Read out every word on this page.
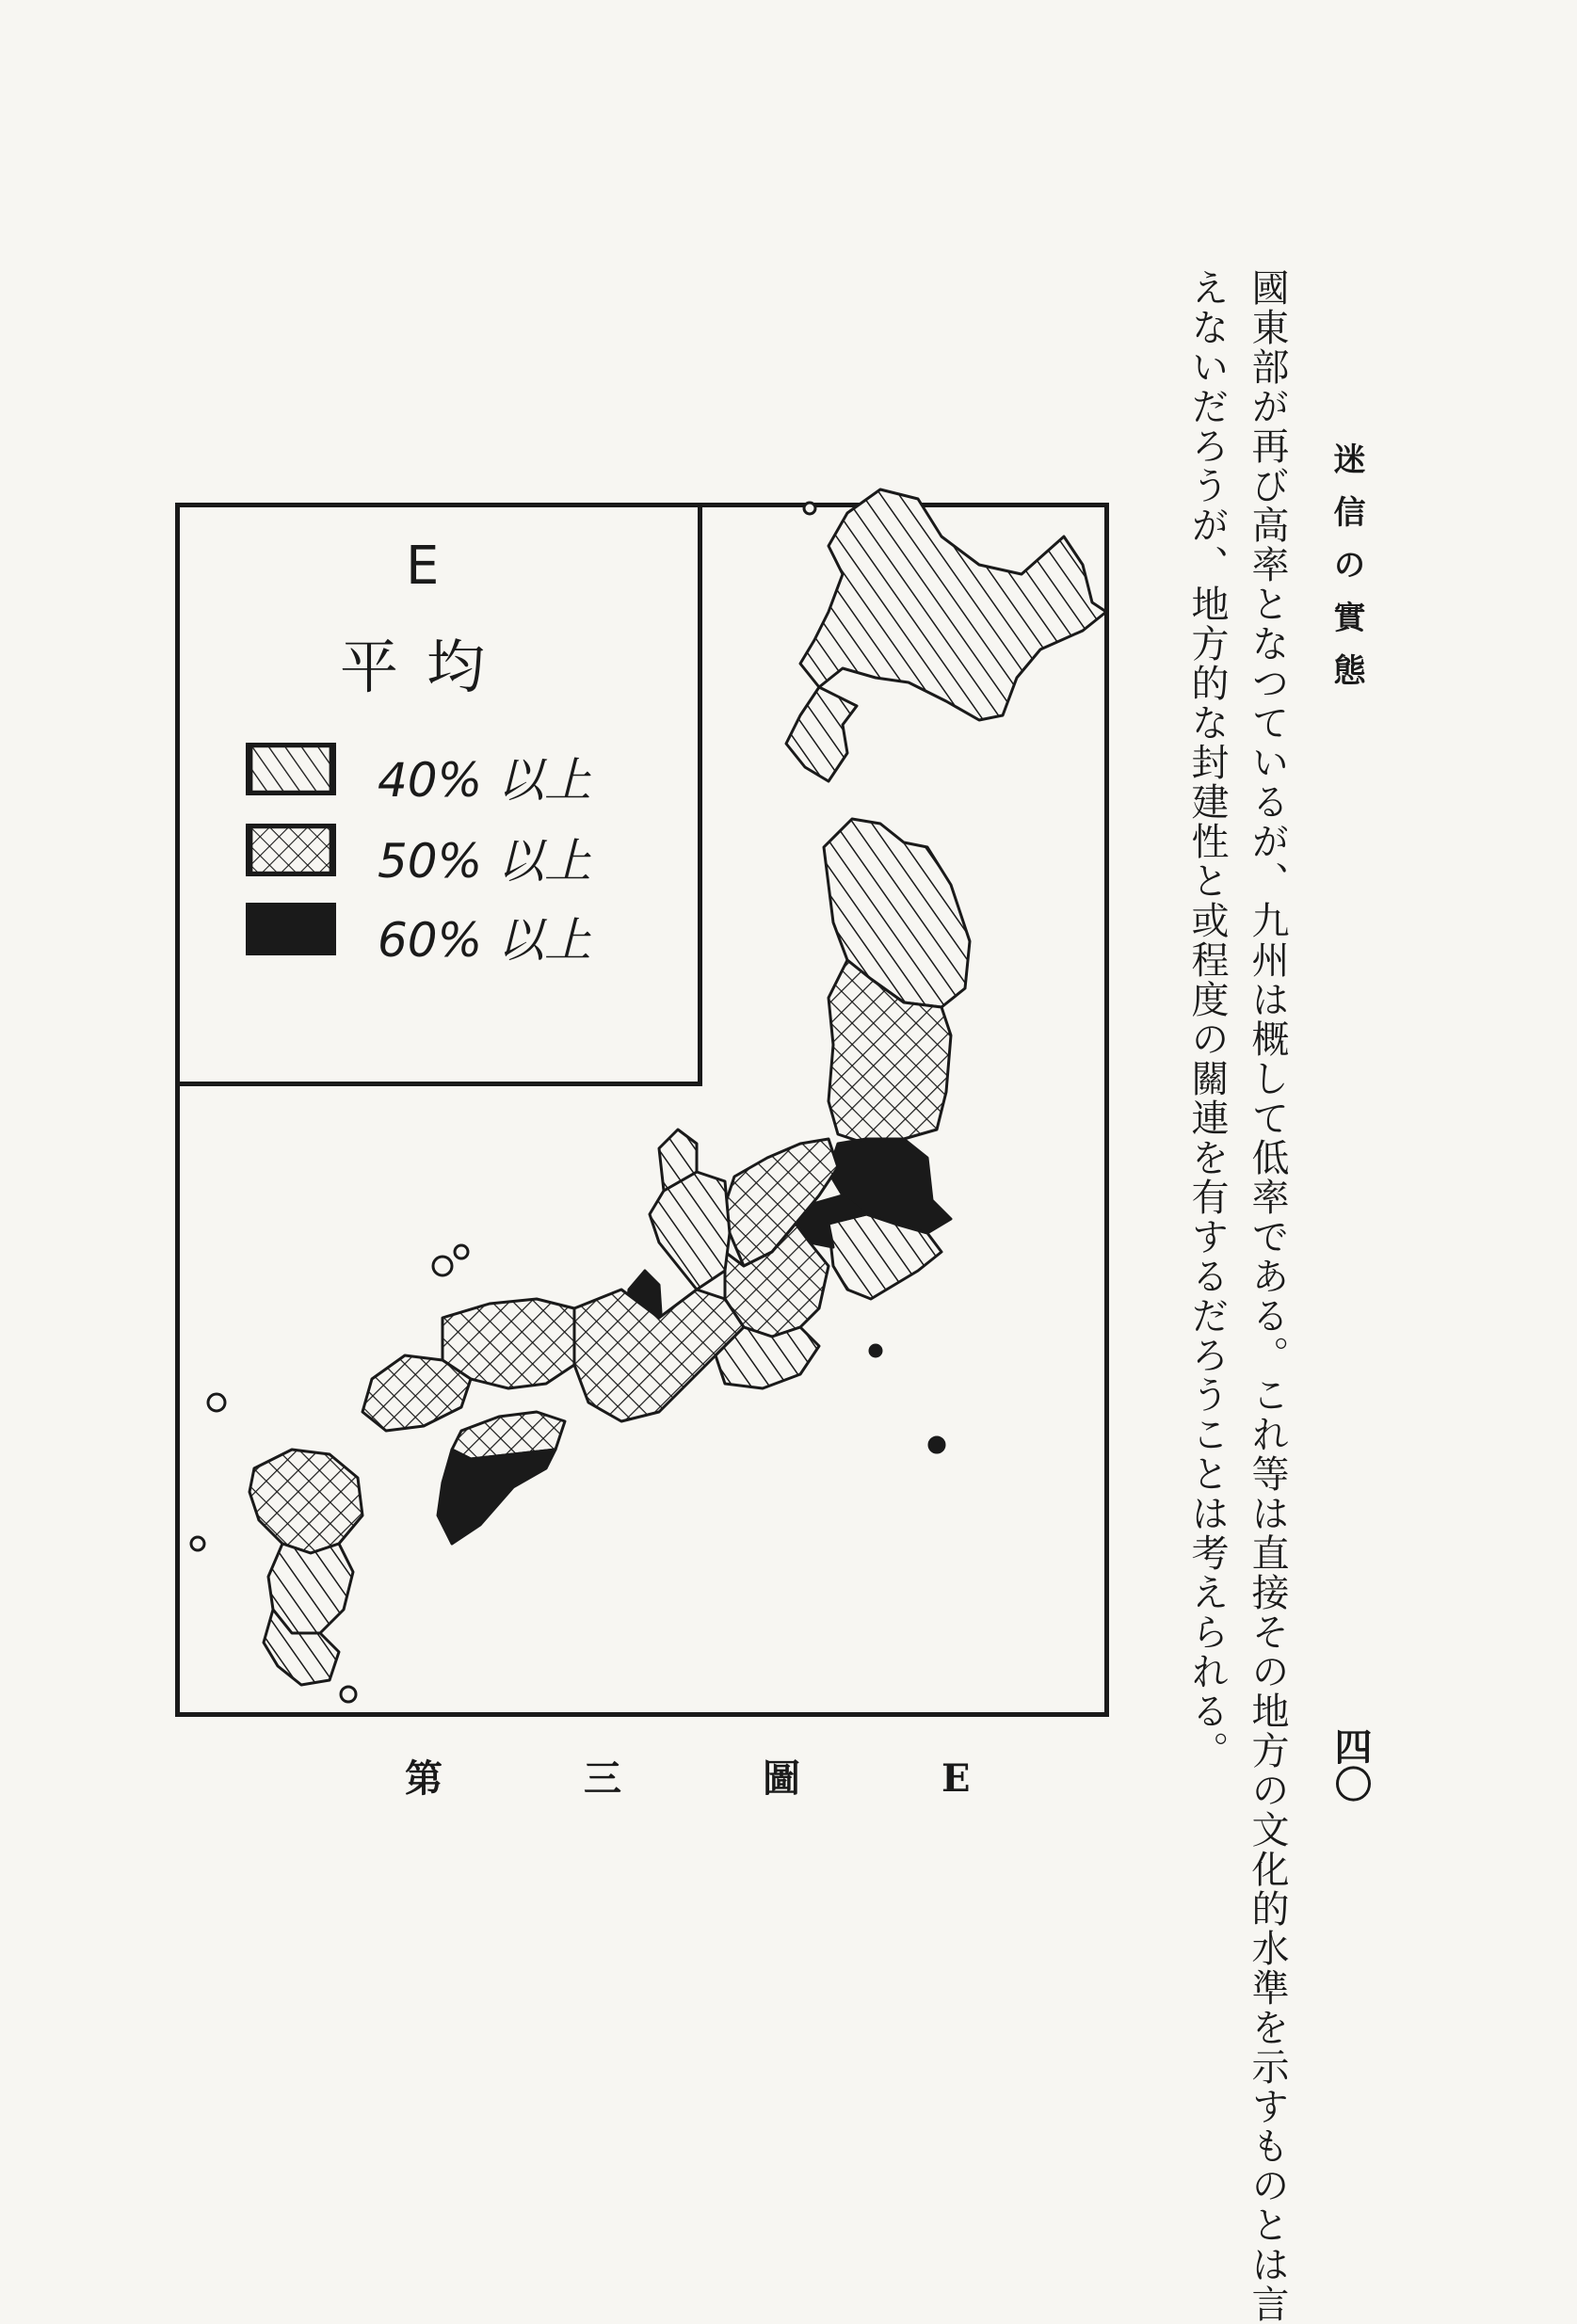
迷信の實態
四〇
國東部が再び高率となつているが、九州は概して低率である。これ等は直接その地方の文化的水準を示すものとは言
えないだろうが、地方的な封建性と或程度の關連を有するだろうことは考えられる。
E
平均
40% 以上
50% 以上
60% 以上
第三圖E
